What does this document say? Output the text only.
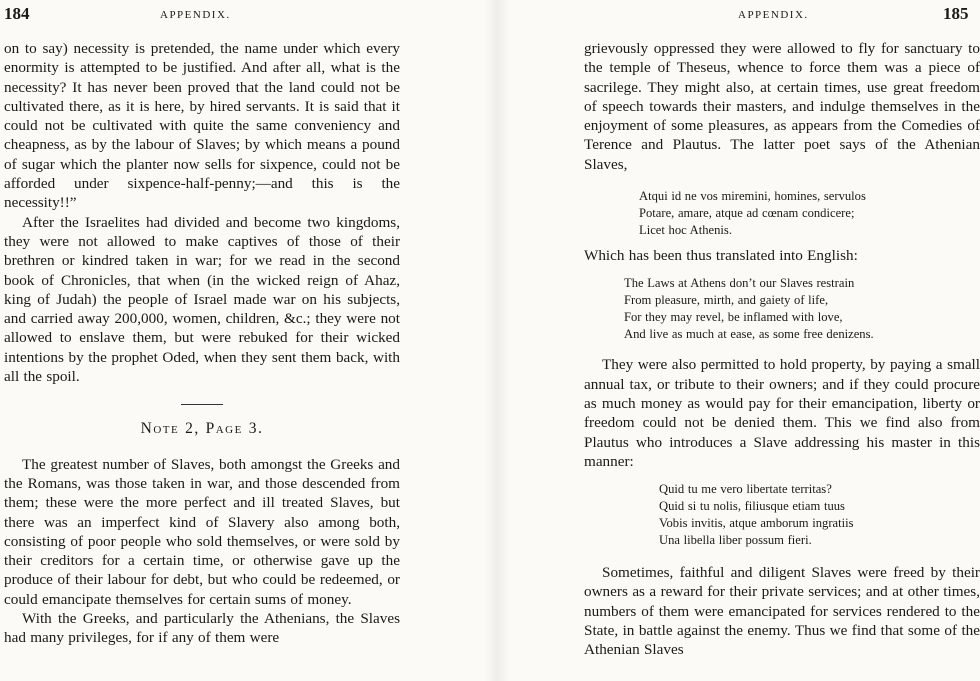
184	APPENDIX.

on to say) necessity is pretended, the name under which every enormity is attempted to be justified. And after all, what is the necessity? It has never been proved that the land could not be cultivated there, as it is here, by hired servants. It is said that it could not be cultivated with quite the same conveniency and cheapness, as by the labour of Slaves; by which means a pound of sugar which the planter now sells for sixpence, could not be afforded under sixpence-half-penny;—and this is the necessity!!”

After the Israelites had divided and become two kingdoms, they were not allowed to make captives of those of their brethren or kindred taken in war; for we read in the second book of Chronicles, that when (in the wicked reign of Ahaz, king of Judah) the people of Israel made war on his subjects, and carried away 200,000, women, children, &c.; they were not allowed to enslave them, but were rebuked for their wicked intentions by the prophet Oded, when they sent them back, with all the spoil.

Note 2, Page 3.

The greatest number of Slaves, both amongst the Greeks and the Romans, was those taken in war, and those descended from them; these were the more perfect and ill treated Slaves, but there was an imperfect kind of Slavery also among both, consisting of poor people who sold themselves, or were sold by their creditors for a certain time, or otherwise gave up the produce of their labour for debt, but who could be redeemed, or could emancipate themselves for certain sums of money.

With the Greeks, and particularly the Athenians, the Slaves had many privileges, for if any of them were

APPENDIX.	185

grievously oppressed they were allowed to fly for sanctuary to the temple of Theseus, whence to force them was a piece of sacrilege. They might also, at certain times, use great freedom of speech towards their masters, and indulge themselves in the enjoyment of some pleasures, as appears from the Comedies of Terence and Plautus. The latter poet says of the Athenian Slaves,

Atqui id ne vos miremini, homines, servulos
Potare, amare, atque ad cœnam condicere;
Licet hoc Athenis.

Which has been thus translated into English:

The Laws at Athens don’t our Slaves restrain
From pleasure, mirth, and gaiety of life,
For they may revel, be inflamed with love,
And live as much at ease, as some free denizens.

They were also permitted to hold property, by paying a small annual tax, or tribute to their owners; and if they could procure as much money as would pay for their emancipation, liberty or freedom could not be denied them. This we find also from Plautus who introduces a Slave addressing his master in this manner:

Quid tu me vero libertate territas?
Quid si tu nolis, filiusque etiam tuus
Vobis invitis, atque amborum ingratiis
Una libella liber possum fieri.

Sometimes, faithful and diligent Slaves were freed by their owners as a reward for their private services; and at other times, numbers of them were emancipated for services rendered to the State, in battle against the enemy. Thus we find that some of the Athenian Slaves
